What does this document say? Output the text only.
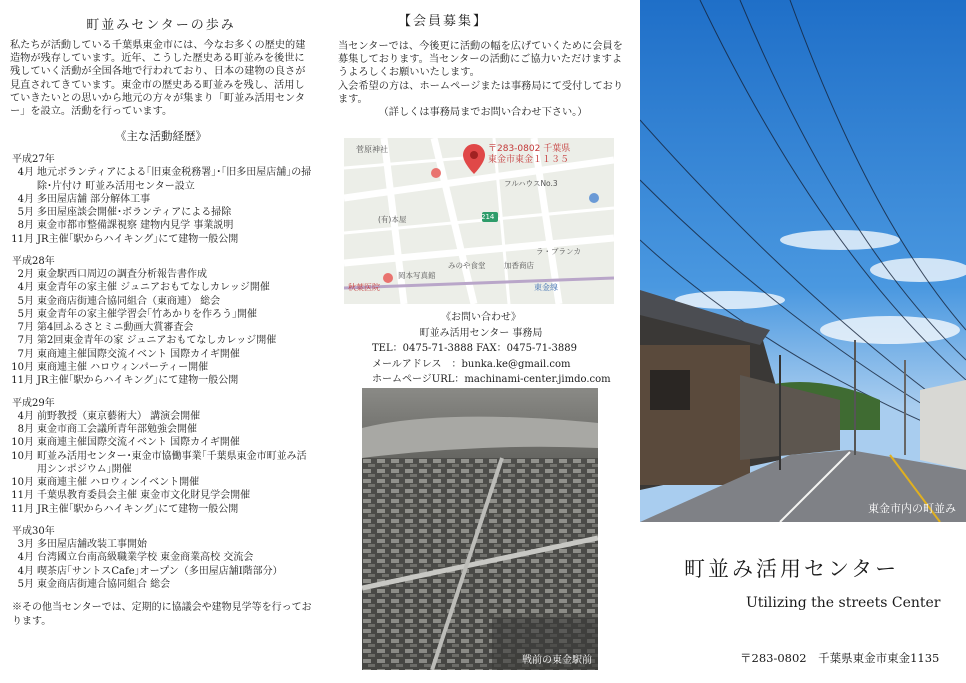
町並みセンターの歩み

私たちが活動している千葉県東金市には、今なお多くの歴史的建造物が残存しています。近年、こうした歴史ある町並みを後世に残していく活動が全国各地で行われており、日本の建物の良さが見直されてきています。東金市の歴史ある町並みを残し、活用していきたいとの思いから地元の方々が集まり「町並み活用センター」を設立。活動を行っています。

《主な活動経歴》
平成27年
4月 地元ボランティアによる｢旧東金税務署｣･｢旧多田屋店舗｣の掃除･片付け 町並み活用センター設立
4月 多田屋店舗 部分解体工事
5月 多田屋座談会開催･ボランティアによる掃除
8月 東金市都市整備課視察 建物内見学 事業説明
11月 JR主催｢駅からハイキング｣にて建物一般公開
平成28年
2月 東金駅西口周辺の調査分析報告書作成
4月 東金青年の家主催 ジュニアおもてなしカレッジ開催
5月 東金商店街連合協同組合（東商連） 総会
5月 東金青年の家主催学習会｢竹あかりを作ろう｣開催
7月 第4回ふるさとミニ動画大賞審査会
7月 第2回東金青年の家 ジュニアおもてなしカレッジ開催
7月 東商連主催国際交流イベント 国際カイギ開催
10月 東商連主催 ハロウィンパーティー開催
11月 JR主催｢駅からハイキング｣にて建物一般公開
平成29年
4月 前野教授（東京藝術大） 講演会開催
8月 東金市商工会議所青年部勉強会開催
10月 東商連主催国際交流イベント 国際カイギ開催
10月 町並み活用センター･東金市協働事業｢千葉県東金市町並み活用シンポジウム｣開催
10月 東商連主催 ハロウィンイベント開催
11月 千葉県教育委員会主催 東金市文化財見学会開催
11月 JR主催｢駅からハイキング｣にて建物一般公開
平成30年
3月 多田屋店舗改装工事開始
4月 台湾國立台南高級職業学校 東金商業高校 交流会
4月 喫茶店｢サントスCafe｣オープン（多田屋店舗Ⅰ階部分）
5月 東金商店街連合協同組合 総会
※その他当センターでは、定期的に協議会や建物見学等を行っております。
【会員募集】
当センターでは、今後更に活動の幅を広げていくために会員を募集しております。当センターの活動にご協力いただけますようよろしくお願いいたします。
入会希望の方は、ホームページまたは事務局にて受付しております。
（詳しくは事務局までお問い合わせ下さい。）
〒283-0802 千葉県
東金市東金１１３５
菅原神社
(有)本屋
フルハウスNo.3
みのや食堂 加香商店
ラ・ブランカ
秋葉医院
岡本写真館
東金線
214
《お問い合わせ》
町並み活用センター 事務局
TEL：0475-71-3888 FAX：0475-71-3889
メールアドレス　：bunka.ke@gmail.com
ホームページURL：machinami-center.jimdo.com
戦前の東金駅前
東金市内の町並み
町並み活用センター
Utilizing the streets Center
〒283-0802　千葉県東金市東金1135
